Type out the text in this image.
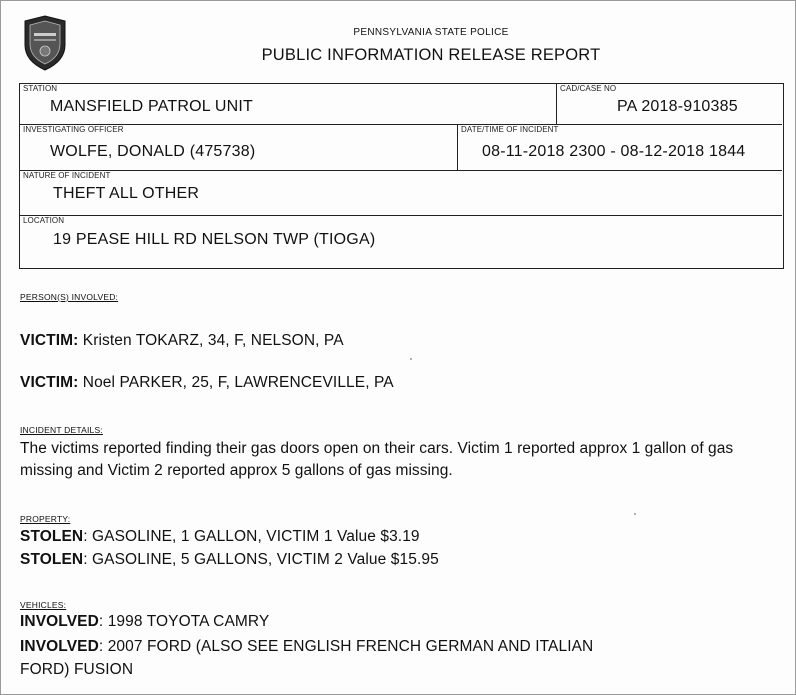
PENNSYLVANIA STATE POLICE
PUBLIC INFORMATION RELEASE REPORT
STATION
MANSFIELD PATROL UNIT
CAD/CASE NO
PA 2018-910385
INVESTIGATING OFFICER
WOLFE, DONALD (475738)
DATE/TIME OF INCIDENT
08-11-2018 2300 - 08-12-2018 1844
NATURE OF INCIDENT
THEFT ALL OTHER
LOCATION
19 PEASE HILL RD NELSON TWP (TIOGA)
PERSON(S) INVOLVED:
VICTIM: Kristen TOKARZ, 34, F, NELSON, PA
VICTIM: Noel PARKER, 25, F, LAWRENCEVILLE, PA
INCIDENT DETAILS:
The victims reported finding their gas doors open on their cars. Victim 1 reported approx 1 gallon of gas missing and Victim 2 reported approx 5 gallons of gas missing.
PROPERTY:
STOLEN: GASOLINE, 1 GALLON, VICTIM 1 Value $3.19
STOLEN: GASOLINE, 5 GALLONS, VICTIM 2 Value $15.95
VEHICLES:
INVOLVED: 1998 TOYOTA CAMRY
INVOLVED: 2007 FORD (ALSO SEE ENGLISH FRENCH GERMAN AND ITALIAN
FORD) FUSION
